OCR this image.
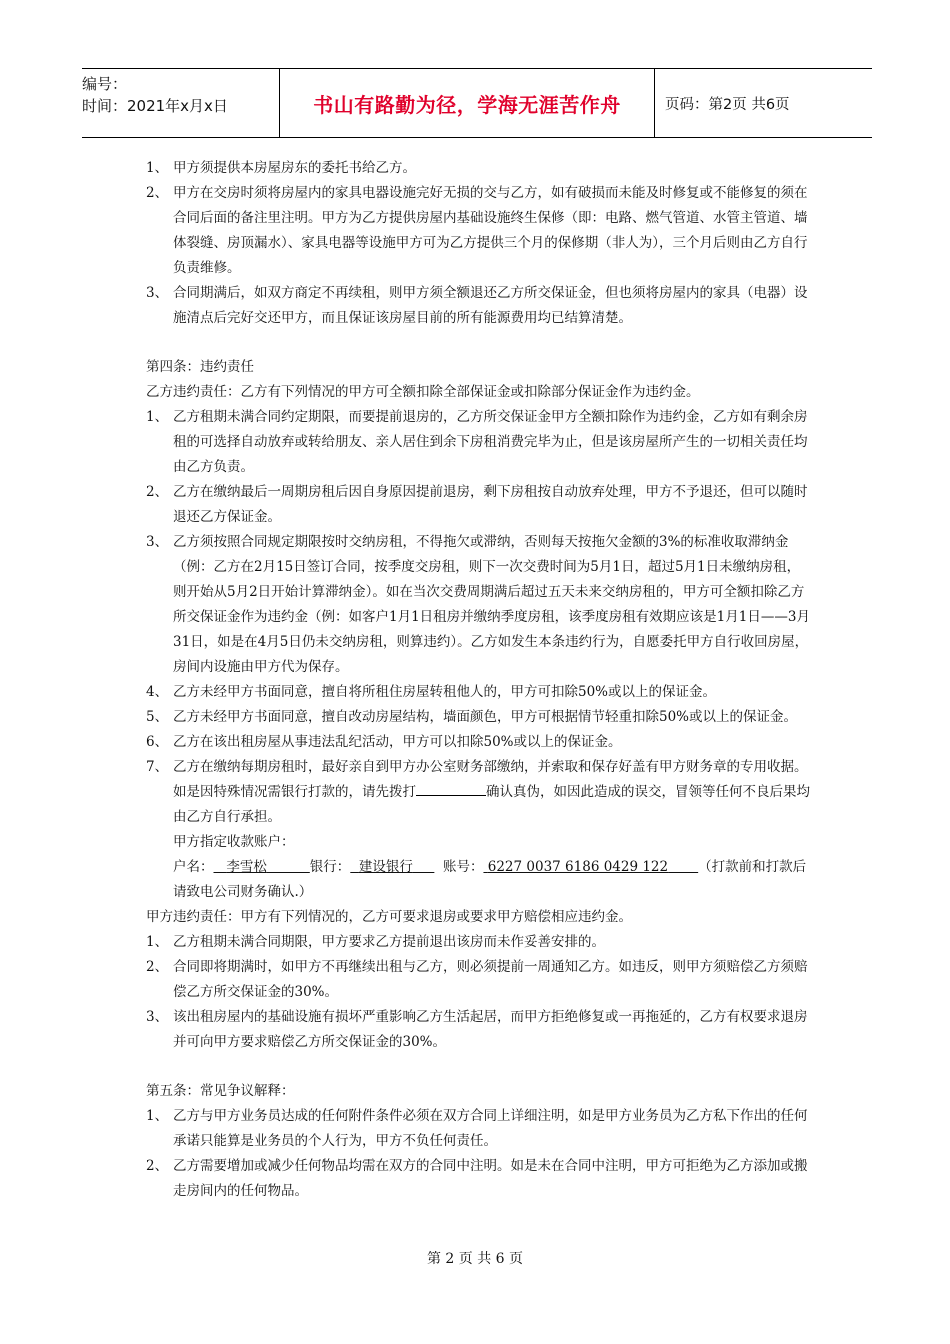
编号：
时间：2021年x月x日	书山有路勤为径，学海无涯苦作舟	页码：第2页 共6页
1、 甲方须提供本房屋房东的委托书给乙方。
2、 甲方在交房时须将房屋内的家具电器设施完好无损的交与乙方，如有破损而未能及时修复或不能修复的须在合同后面的备注里注明。甲方为乙方提供房屋内基础设施终生保修（即：电路、燃气管道、水管主管道、墙体裂缝、房顶漏水）、家具电器等设施甲方可为乙方提供三个月的保修期（非人为），三个月后则由乙方自行负责维修。
3、 合同期满后，如双方商定不再续租，则甲方须全额退还乙方所交保证金，但也须将房屋内的家具（电器）设施清点后完好交还甲方，而且保证该房屋目前的所有能源费用均已结算清楚。
第四条：违约责任
乙方违约责任：乙方有下列情况的甲方可全额扣除全部保证金或扣除部分保证金作为违约金。
1、 乙方租期未满合同约定期限，而要提前退房的，乙方所交保证金甲方全额扣除作为违约金，乙方如有剩余房租的可选择自动放弃或转给朋友、亲人居住到余下房租消费完毕为止，但是该房屋所产生的一切相关责任均由乙方负责。
2、 乙方在缴纳最后一周期房租后因自身原因提前退房，剩下房租按自动放弃处理，甲方不予退还，但可以随时退还乙方保证金。
3、 乙方须按照合同规定期限按时交纳房租，不得拖欠或滞纳，否则每天按拖欠金额的3%的标准收取滞纳金（例：乙方在2月15日签订合同，按季度交房租，则下一次交费时间为5月1日，超过5月1日未缴纳房租，则开始从5月2日开始计算滞纳金）。如在当次交费周期满后超过五天未来交纳房租的，甲方可全额扣除乙方所交保证金作为违约金（例：如客户1月1日租房并缴纳季度房租，该季度房租有效期应该是1月1日——3月31日，如是在4月5日仍未交纳房租，则算违约）。乙方如发生本条违约行为，自愿委托甲方自行收回房屋，房间内设施由甲方代为保存。
4、 乙方未经甲方书面同意，擅自将所租住房屋转租他人的，甲方可扣除50%或以上的保证金。
5、 乙方未经甲方书面同意，擅自改动房屋结构，墙面颜色，甲方可根据情节轻重扣除50%或以上的保证金。
6、 乙方在该出租房屋从事违法乱纪活动，甲方可以扣除50%或以上的保证金。
7、 乙方在缴纳每期房租时，最好亲自到甲方办公室财务部缴纳，并索取和保存好盖有甲方财务章的专用收据。如是因特殊情况需银行打款的，请先拨打	确认真伪，如因此造成的误交，冒领等任何不良后果均由乙方自行承担。
甲方指定收款账户：
户名： 李雪松	银行： 建设银行 账号： 6227 0037 6186 0429 122 （打款前和打款后请致电公司财务确认.）
甲方违约责任：甲方有下列情况的，乙方可要求退房或要求甲方赔偿相应违约金。
1、 乙方租期未满合同期限，甲方要求乙方提前退出该房而未作妥善安排的。
2、 合同即将期满时，如甲方不再继续出租与乙方，则必须提前一周通知乙方。如违反，则甲方须赔偿乙方须赔偿乙方所交保证金的30%。
3、 该出租房屋内的基础设施有损坏严重影响乙方生活起居，而甲方拒绝修复或一再拖延的，乙方有权要求退房并可向甲方要求赔偿乙方所交保证金的30%。
第五条：常见争议解释：
1、 乙方与甲方业务员达成的任何附件条件必须在双方合同上详细注明，如是甲方业务员为乙方私下作出的任何承诺只能算是业务员的个人行为，甲方不负任何责任。
2、 乙方需要增加或减少任何物品均需在双方的合同中注明。如是未在合同中注明，甲方可拒绝为乙方添加或搬走房间内的任何物品。
第 2 页 共 6 页
